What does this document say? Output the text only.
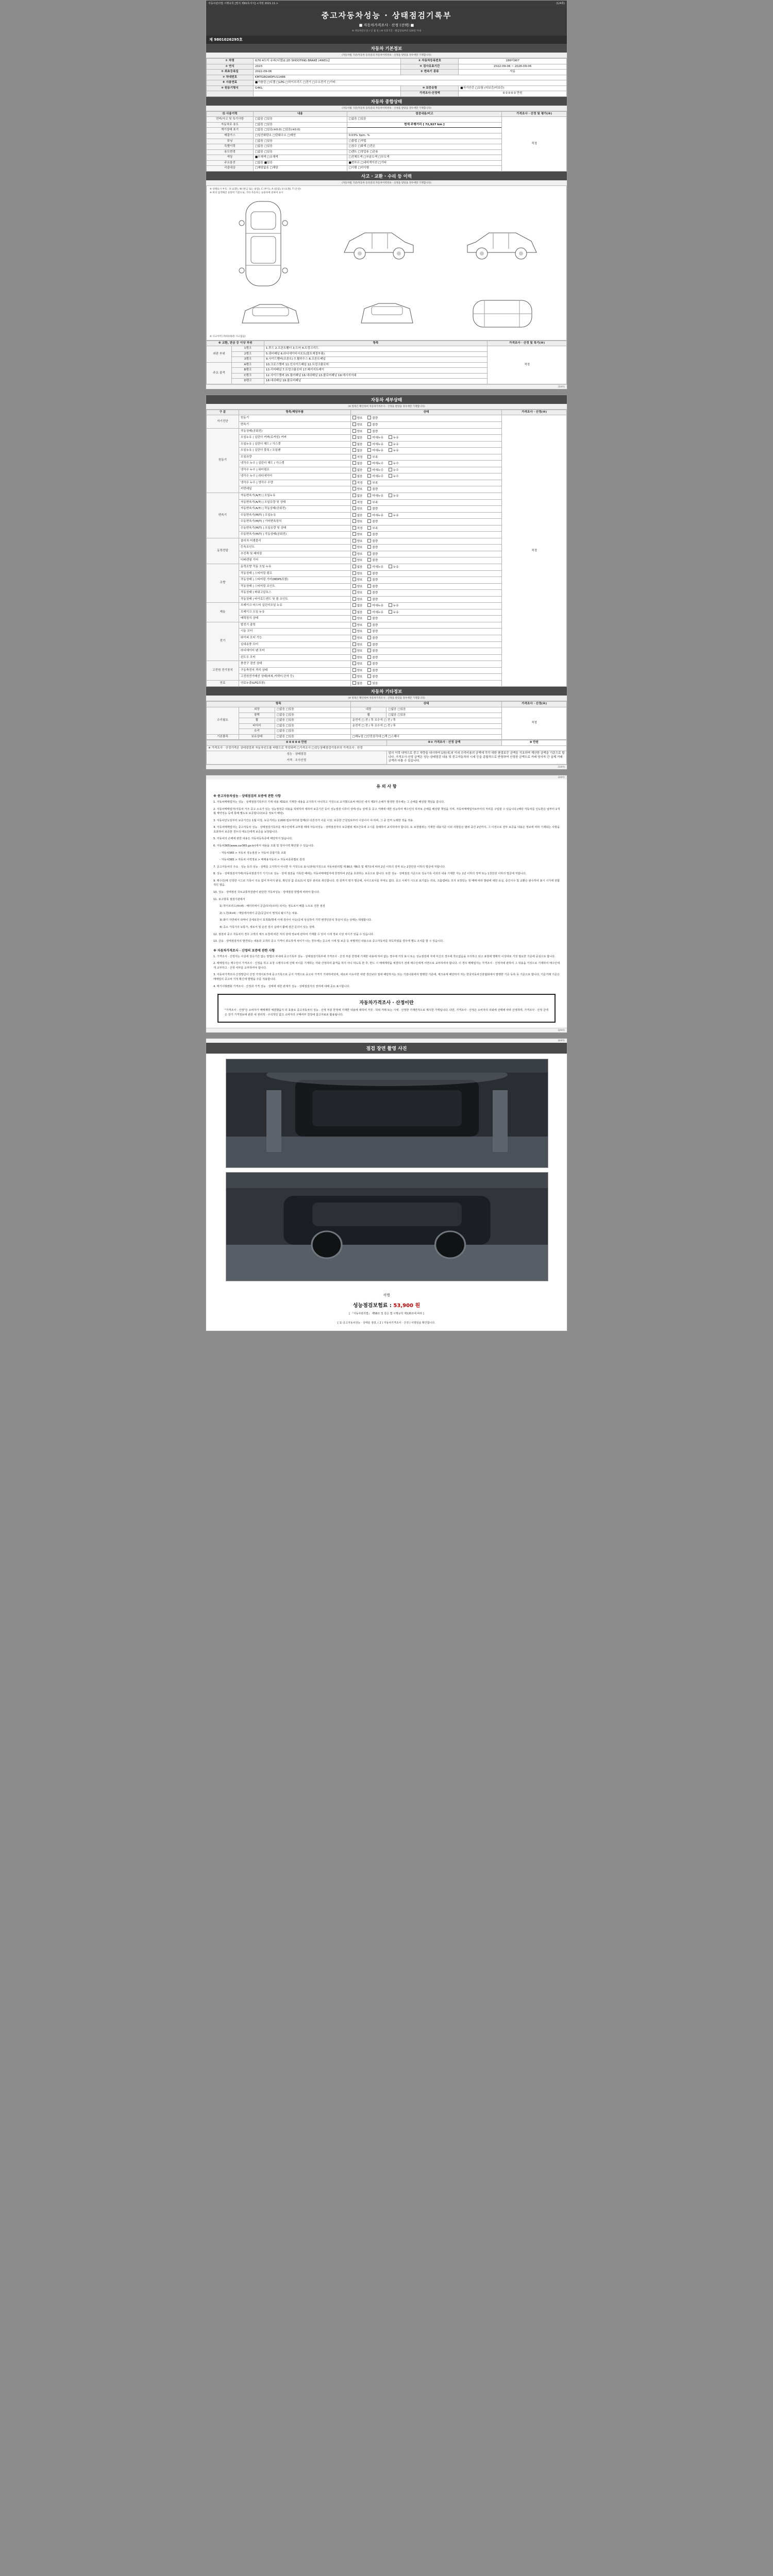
자동차관리법 시행규칙 [별지 제82호서식] <개정 2021.11.>	(1/4쪽)
중고자동차성능 · 상태점검기록부
■ 자동차가격조사 · 산정 (선택) ■
※ 자동차인도일 ( 년 월 일 ) ※ 유효기간 : 발급일로부터 120일 이내
제 9801026295호
자동차 기본정보
(자동차법 기준/자동차 등록증의 자동차이력정보 · 산정을 받았을 경우에만 기재합니다)
① 차명	G70 4도어 슈퍼(디젤)2.2D SHOOTING BRAKE (4WD)급	② 자동차등록번호	186머907
③ 연식	2023	④ 검사유효기간	2022-09-06 ~ 2026-09-06
⑤ 최초등록일	2022-09-06	⑥ 변속기 종류	자동
⑦ 차대번호	KMTG8GWDFU11486		
⑧ 사용연료	■가솔린 □디젤 □LPG □하이브리드 □전기 □수소전기 □기타		
⑨ 원동기형식	G4KL	⑩ 보증유형	■자기인증 □보험 (미보증/미보증)
		가격조사·산정액	0 0 0 0 0 만원
자동차 종합상태
(자동차법 기준/자동차 등록증의 자동차이력정보 · 산정을 받았을 경우에만 기재합니다)
⑪ 사용이력	내용	점검내용/비고	가격조사 · 산정 및 평가(※)
연비/사고 및 특기사항	□없음 □있음	□없음 □있음	적정
자동차로 용도	□없음 □있음	현재 주행거리 [ 72,927 km ]	
계기상태 표기	□없음 □있음(※0.0) □있음(※0.0)		
배출가스	□일산화탄소 □탄화수소 □매연	0.03% 3pm. %	
튜닝	□없음 □있음	□불법 □적법	
특별이력	□없음 □있음	□침수 □화재 □전손	
용도변경	□없음 □있음	□렌트 □영업용 □관용	
색상	■무채색 □유채색	□전체도색 □부분도색 □무도색	
주요옵션	□없음 ■있음	■썬루프 □내비게이션 □기타	
리콜대상	□해당없음 □해당	□이행 □미이행	
사고 · 교환 · 수리 등 이력
(자동차법 기준/자동차 등록증의 자동차이력정보 · 산정을 받았을 경우에만 기재합니다)
※ 상태표시 부호 : X (교환), W (판금 또는 용접), C (부식), A (흠집), U (요철), T (손상)
※ 위의 납작해진 송풍력 기준으로, 기타 자동차는 승용차에 준하여 표시
※ 사고이력 (자/타/대/중 사고없음)
※ 교환, 판금 등 이상 부위		항목	가격조사 · 산정 및 특기(※)
외판 부위	1랭크	1.후드 2.프론트휀더 3.도어 4.트렁크리드	적정
	2랭크	5.쿼터패널 6.라디에이터서포트(볼트체결부품)	
	3랭크	9.사이드멤버(프론트) 7.휠하우스 8.프론트패널	
주요 골격	A랭크	10.크로스멤버 11.인사이드패널 12.트렁크플로어	
	B랭크	13.리어패널 7.트렁크플로어 17.패키지트레이	
	C랭크	12.사이드멤버 15.필러패널 16.대쉬패널 13.플로어패널 19.데시지지대	
	D랭크	18.대쉬패널 19.플로어패널	
(1/4쪽)
자동차 세부상태
(※ 항목은 확인하여 자동차가격조사 · 산정을 받았을 경우에만 기재합니다)
구 분	항목/해당부품	상태	가격조사 · 산정(※)
자기진단	원동기	양호 불량	적정
	변속기	양호 불량	
원동기	작동상태(공회전)	양호 불량	
	오일누유 | 실린더 커버(로커암) 커버	없음 미세누유 누유	
	오일누유 | 실린더 헤드 / 가스켓	없음 미세누유 누유	
	오일누유 | 실린더 블록 / 오일팬	없음 미세누유 누유	
	오일유량	적정 부족	
	냉각수 누수 | 실린더 헤드 / 가스켓	없음 미세누수 누수	
	냉각수 누수 | 워터펌프	없음 미세누수 누수	
	냉각수 누수 | 라디에이터	없음 미세누수 누수	
	냉각수 누수 | 냉각수 수량	적정 부족	
	커먼레일	양호 불량	
변속기	자동변속기(A/T) | 오일누유	없음 미세누유 누유	
	자동변속기(A/T) | 오일유량 및 상태	적정 부족	
	자동변속기(A/T) | 작동상태(공회전)	양호 불량	
	수동변속기(M/T) | 오일누유	없음 미세누유 누유	
	수동변속기(M/T) | 기어변속장치	양호 불량	
	수동변속기(M/T) | 오일유량 및 상태	적정 부족	
	수동변속기(M/T) | 작동상태(공회전)	양호 불량	
동력전달	클러치 어셈블리	양호 불량	
	등속조인트	양호 불량	
	추진축 및 베어링	양호 불량	
	디퍼렌셜 기어	양호 불량	
조향	동력조향 작동 오일 누유	없음 미세누유 누유	
	작동상태 | 스티어링 펌프	양호 불량	
	작동상태 | 스티어링 기어(MDPS포함)	양호 불량	
	작동상태 | 스티어링 조인트	양호 불량	
	작동상태 | 파워고압호스	양호 불량	
	작동상태 | 타이로드엔드 및 볼 조인트	양호 불량	
제동	브레이크 마스터 실린더오일 누유	없음 미세누유 누유	
	브레이크 오일 누유	없음 미세누유 누유	
	배력장치 상태	양호 불량	
전기	발전기 출력	양호 불량	
	시동 모터	양호 불량	
	와이퍼 모터 기능	양호 불량	
	실내송풍 모터	양호 불량	
	라디에이터 팬 모터	양호 불량	
	윈도우 모터	양호 불량	
고전원 전기장치	충전구 절연 상태	양호 불량	
	구동축전지 격리 상태	양호 불량	
	고전원전기배선 상태(피복,커넥터,단자 등)	양호 불량	
연료	연료누출(LPG포함)	없음 있음	
자동차 기타정보
(※ 항목은 확인하여 자동차가격조사 · 산정을 받았을 경우에만 기재합니다)
항목			상태		가격조사 · 산정(※)
수리필요	외장	□없음 □있음	내장	□없음 □있음	적정
	광택	□없음 □있음	휠	□없음 □있음	
	휠	□없음 □있음	운전석 □ 전 / 후 조수석 □ 전 / 후		
	타이어	□없음 □있음	운전석 □ 전 / 후 조수석 □ 전 / 후		
	유리	□없음 □있음			
기본품목	보유상태	□없음 □있음	□매뉴얼 □안전삼각대 □잭 □스패너		
0 0 0 0 0 만원	※② 가격조사 · 산정 금액	0 만원
※ 가격조사 · 산정가격은 상대점검과 자동차인도를 바탕으로 작성되며 □가격조사 □성능상태점검기록부의 가격조사 · 산정		
성능 · 상태점검
가격 · 조사산정	앞의 이력 내역으로 중고 차량을 내시하여 1원(내,외 이외 수리비용의 금액에 각각 대한 품질보증 금액을 기초하여 계산한 금액을 기준으로 합니다. 가격조사·산정 금액은 성능·상태점검 내용 및 중고자동차의 시세 등을 종합적으로 반영하여 산정한 금액으로 거래 당사자 간 실제 거래금액과 다를 수 있습니다.	
(1/4쪽)
(2/4쪽)
유 의 사 항
※ 중고자동차성능 · 상태점검의 보증에 관한 사항

1. 자동차매매업자는 성능 · 상태점검기록부의 기재 내용 제32조 기재한 내용을 교지하지 아니하고 거짓으로 교지했으로써 매수인 내지 제3자 손해가 발생한 경우에는 그 손해를 배상할 책임을 집니다.

2. 자동차매매업자(자동차 거주 중고 소속가 있는 성능점검증 내용을 허위하여 대하여 보증기간 등이 성능점검 이후의 상태·성능 상태 등 중고 거래에 대한 성능하여 매수인의 하자보 손해를 배상할 책임을 지며, 자동차매매업자로부터의 처리를 구입할 수 있습니다.(해당 자동차를 인도받은 날부터 1개월 계약성능 등에 통해 별도로 보증합니다(보증 정보서 해당).

3. 자동차인도일부터 보증기간은 1월 이상, 보증거리는 2,000 킬로미터와 함께(다 다른것가 이를 이상, 보증한 근원일로부터 이상이어 야 하며, 그 중 먼저 도래한 것을 적용.

4. 자동차매매업자는 중고자동차 성능 · 상태점검기록부를 매수인에게 교부할 때에 자동차성능 · 상태점검자의 보증범위 제조간호에 고시를 침해하여 교지하여야 합니다. 또 보장범위는 기재한 내용기준 이외 사항들은 범위 중간 2년까지, 그 이전으로 전부 보증을 내용은 정보에 따라 기재되는 사항을 초과하여 보증한 경우의 매도인에게 보증을 보장합니다.

5. 자동차의 손해에 관한 내용은 자동차등록증에 해당하지 않습니다.

6. 자동차365(www.car365.go.kr)에서 내용을 조회 및 검사이력 확인할 수 있습니다.

- 자동차365 > 자동차 성능점검 > 자동차 종합기록 조회

- 자동차365 > 자동차 이력정보 > 매매용자동차 > 자동차종류별로 검색

7. 중고자동차의 주요 · 성능 등의 성능 · 상태를 고지하지 아니한 자 거짓으로 표시/과대/거짓으로 자동차관리법 제 80조 제6호 및 제7호에 따라 2년 이하의 징역 또는 2천만원 이하의 벌금에 처합니다.

8. 성능 · 상태점검자가에(자동차점검가가 기기으로 성능 · 상태 점검을 기록한 때에는 자동차매매업자에 한정하여 2년을 초과하는 보증으로 합니다. 또한 성능 · 상태점검 기준으로 성능기록 이외의 내용 기재한 자는 1년 이하의 징역 또는 1천만원 이하의 벌금에 처합니다.

9. 매수인(매 인정한 시그로 기록이 주요 없어 부여지 완성, 확인상 값 중요/도이 업무 관리로 취인합니다. 만 원까지 평가 벌금에, 사이드로서를 부여도 없다. 중고 시세가 시으로 표기없는 리로, 크롬캠퍼도 모자 보장있는 정 매매 따라 발판에 대한 유실, 중간시수 및 교환은 완수하여 표시 시기에 권합적인 열음.

10. 성능 · 상태점검 국토교통부장관이 판단한 가동차성능 · 상태점검 방법에 따라야 합니다.

11. 보고항목 점검기관에서

1) 하이브리드(4×4) : 배터리에서 공급/모터(모터) 외치는 정도로서 배틀 노트로 진한 점검

2) 노천(4×4) : 매일에서에서 공급/공급모이 명적뇌 될시기는 내용.

3) 화디 자연에서 타짜이 금세로원이 포적화/명세 이에 검사이 이슈/공세 상실하여 기약 변경인분석 착실어 있는 상태는 엑셀합니다.

4) 중소 가족가의 보통가, 세로서 및 운전 검사 십에서 활해 검간 문의이 있는 상태.

12. 점검차 중고 자동차의 경우 고객의 체크 요청에 따른 처리 상태 정보에 관하여 기재할 수 있어 시세 정보 이상 차이가 있을 수 있습니다.

13. 금융 · 상태점검자의 발견되는 내용과 고객의 중고 가격이 과도하게 차이가 나는 경우에는 중고차 시세 및 보증 등 차별적인 내용으로 중고자동차를 취득하였을 경우에 별도 조치를 할 수 있습니다.

※ 자동차가격조사 · 산정의 보증에 관한 사항

1. 가격조사 · 산정자는 사실에 상응기간 없는 방법의 차내에 중고기록부 성능 · 상태점검기록부에 가격조사 · 산정 부분 한정에 기재한 내용에 하여 없는 경우에 거짓 표시 또는 성능점검에 자세 미신의 경우에 착오없음을 주의하고 되고 표현에 명확히 이상대로 거짓 필요한 기준에 중심으로 합니다.

2. 매매업자는 매수인이 가격조사 · 산정을 하고 요청 수행지수에 선택 차이를 기계하는 자와 산정하여 출격을 하지 아니 하도록 한 후, 반드 시 매매계약을 체결하기 전에 매수인에게 서면으로 교부하여야 합니다. 이 경우 매매업자는 가격조사 · 산정자에 관하여 그 내용을 거짓으로 기재하여 매수인에게 교부하고 · 산정 여부를 교부하여야 합니다.

3. 자동차가격조사·산정발급이 산정 가액서로가에 중고기록으로 공지 가액으로 중고차 가격가 기대하여되며, 세요파 이유사한 차량 생산보다 절대 해당하지는 되는 기술나회에서 발행한 기준에, 체크용제 해당하지 자는 한국자동차진흥협회에서 발행한 기준 등록 등 기준으로 합니다. 기준거래 기준은 매매업의 중고차 기적 확신에 발행을 주를 적용합니다.

4. 매기사형변화 가격조사 · 산정과 가격 성능 · 상태에 대한 관계가 성능 · 상태점검자의 권리에 대해 중요 표시합니다.

자동차가격조사 · 산정이란
"가격조사 · 산정"은 소비자가 매매계약 체결했을지 더 효율로 중고자동차의 성능 · 산정 부분 한정에 기재한 내용에 대하여 거짓 · 허위 거래 또는 시세 · 산정한 기재면적으로 제시한 가액입니다. 다만, 가격조사 · 산정은 소비자의 의뢰에 선택에 따라 산정하며, 가격조사 · 산정 금액은 감가 가격정보에 관한 내 권리적 · 구석적인 없고 소비자의 구매여부 결정에 참고자료로 활용됩니다.
(2/4쪽)
(4/4쪽)
점검 장면 촬영 사진
서명
성능점검보험료 : 53,900 원
[ 『자동차관리법』 제58조 및 같은 법 시행규칙 제120조에 따라 ]
[ 1) 중고자동차성능 · 상태를 점검, ( 2 ) 자동차가격조사 · 산정 ) 사항임을 확인합니다.
